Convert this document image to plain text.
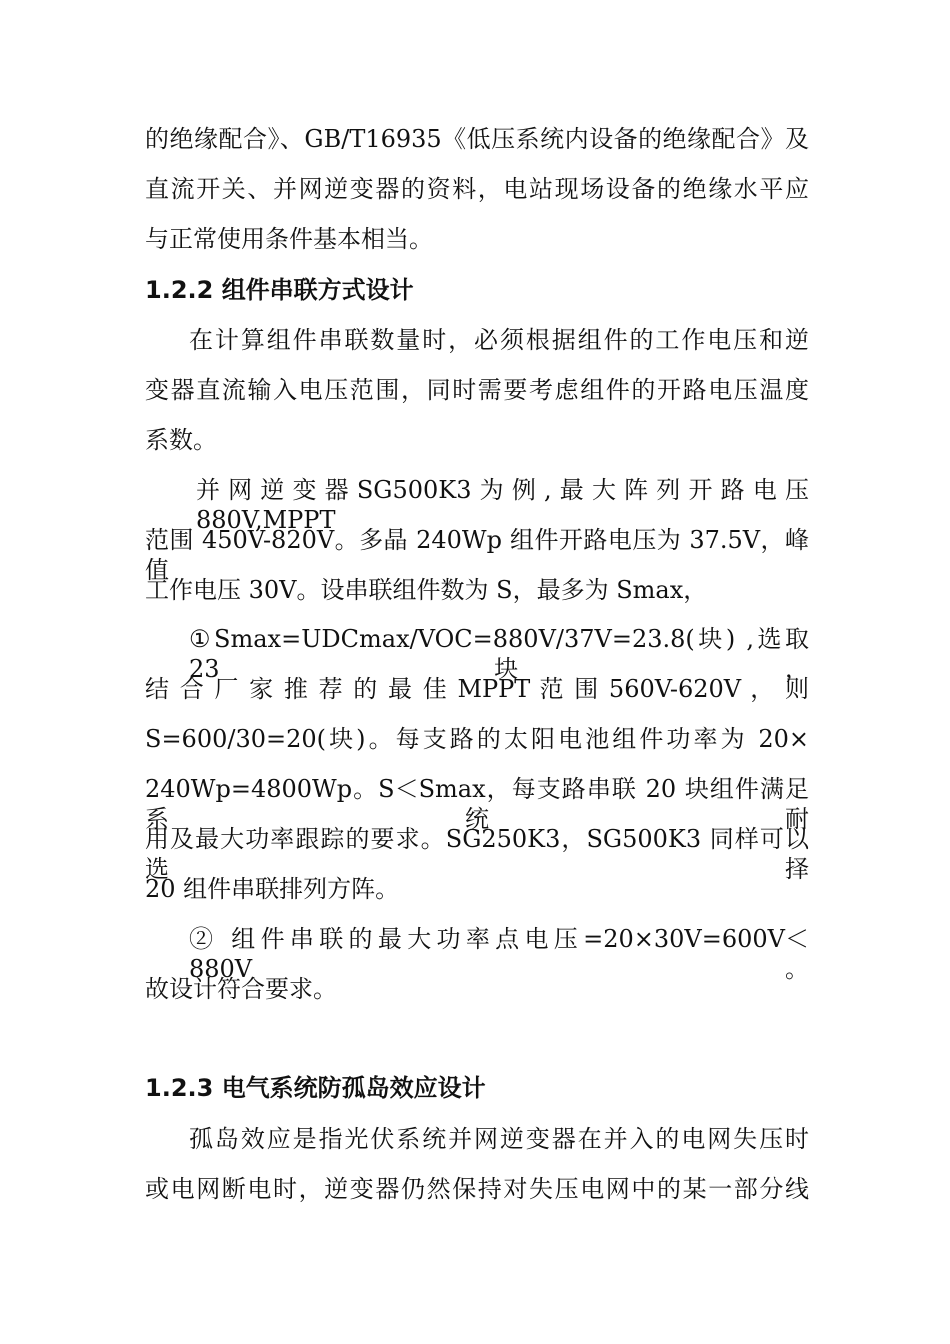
的绝缘配合》、GB/T16935《低压系统内设备的绝缘配合》及
直流开关、并网逆变器的资料，电站现场设备的绝缘水平应
与正常使用条件基本相当。
1.2.2 组件串联方式设计
在计算组件串联数量时，必须根据组件的工作电压和逆
变器直流输入电压范围，同时需要考虑组件的开路电压温度
系数。
并网逆变器SG500K3为例,最大阵列开路电压880V,MPPT
范围 450V-820V。多晶 240Wp 组件开路电压为 37.5V，峰值
工作电压 30V。设串联组件数为 S，最多为 Smax，
①Smax=UDCmax/VOC=880V/37V=23.8(块) ,选取 23 块，
结 合 厂 家 推 荐 的 最 佳 MPPT 范 围 560V-620V ， 则
S=600/30=20(块)。每支路的太阳电池组件功率为 20×
240Wp=4800Wp。S＜Smax，每支路串联 20 块组件满足系统耐
用及最大功率跟踪的要求。SG250K3，SG500K3 同样可以选择
20 组件串联排列方阵。
② 组件串联的最大功率点电压=20×30V=600V＜880V。
故设计符合要求。
1.2.3 电气系统防孤岛效应设计
孤岛效应是指光伏系统并网逆变器在并入的电网失压时
或电网断电时，逆变器仍然保持对失压电网中的某一部分线
